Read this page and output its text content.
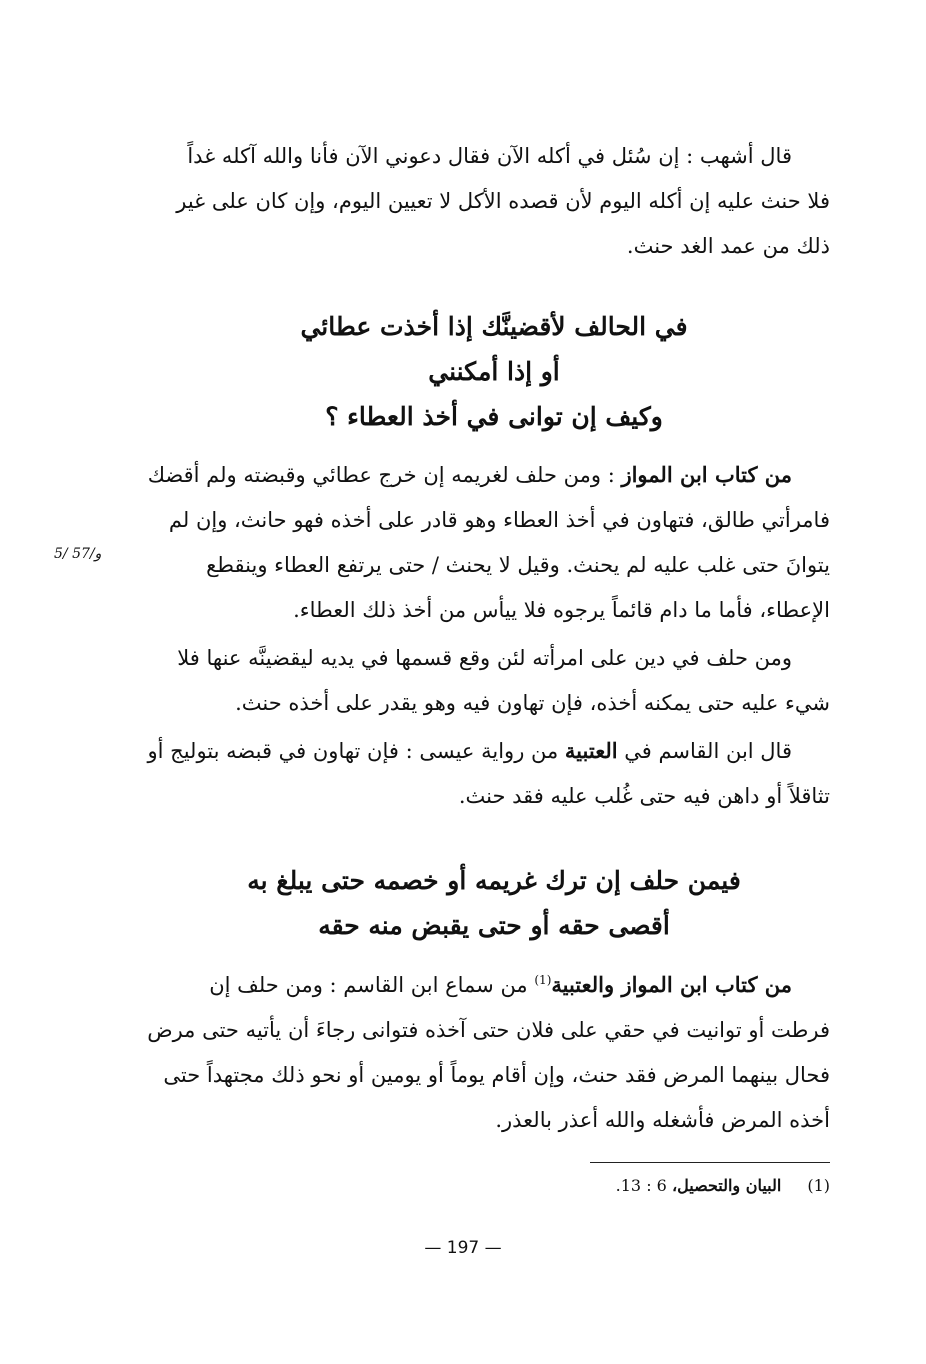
قال أشهب : إن سُئل في أكله الآن فقال دعوني الآن فأنا والله آكله غداً
فلا حنث عليه إن أكله اليوم لأن قصده الأكل لا تعيين اليوم، وإن كان على غير
ذلك من عمد الغد حنث.

في الحالف لأقضينَّك إذا أخذت عطائي
أو إذا أمكنني
وكيف إن توانى في أخذ العطاء ؟

من كتاب ابن المواز : ومن حلف لغريمه إن خرج عطائي وقبضته ولم أقضك
فامرأتي طالق، فتهاون في أخذ العطاء وهو قادر على أخذه فهو حانث، وإن لم
يتوانَ حتى غلب عليه لم يحنث. وقيل لا يحنث / حتى يرتفع العطاء وينقطع
الإعطاء، فأما ما دام قائماً يرجوه فلا ييأس من أخذ ذلك العطاء.

5/ 57/و

ومن حلف في دين على امرأته لئن وقع قسمها في يديه ليقضينَّه عنها فلا
شيء عليه حتى يمكنه أخذه، فإن تهاون فيه وهو يقدر على أخذه حنث.

قال ابن القاسم في العتبية من رواية عيسى : فإن تهاون في قبضه بتوليج أو
تثاقلاً أو داهن فيه حتى غُلب عليه فقد حنث.

فيمن حلف إن ترك غريمه أو خصمه حتى يبلغ به
أقصى حقه أو حتى يقبض منه حقه

من كتاب ابن المواز والعتبية$^{(1)}$ من سماع ابن القاسم : ومن حلف إن
فرطت أو توانيت في حقي على فلان حتى آخذه فتوانى رجاءَ أن يأتيه حتى مرض
فحال بينهما المرض فقد حنث، وإن أقام يوماً أو يومين أو نحو ذلك مجتهداً حتى
أخذه المرض فأشغله والله أعذر بالعذر.

(1)البيان والتحصيل، 6 : 13.
— 197 —
